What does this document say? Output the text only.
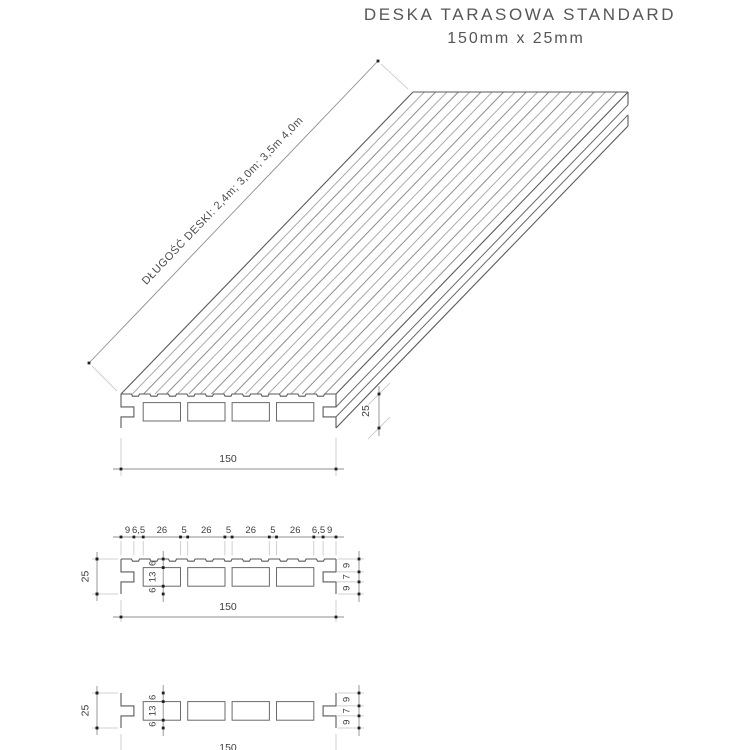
DESKA TARASOWA STANDARD
150mm x 25mm
DŁUGOŚĆ DESKI: 2,4m; 3,0m; 3,5m 4,0m
25
150
9 6,5 26 5 26 5 26 5 26 6,5 9
25
6
13
6
9
7
9
150
25
6
13
6
9
7
9
150
